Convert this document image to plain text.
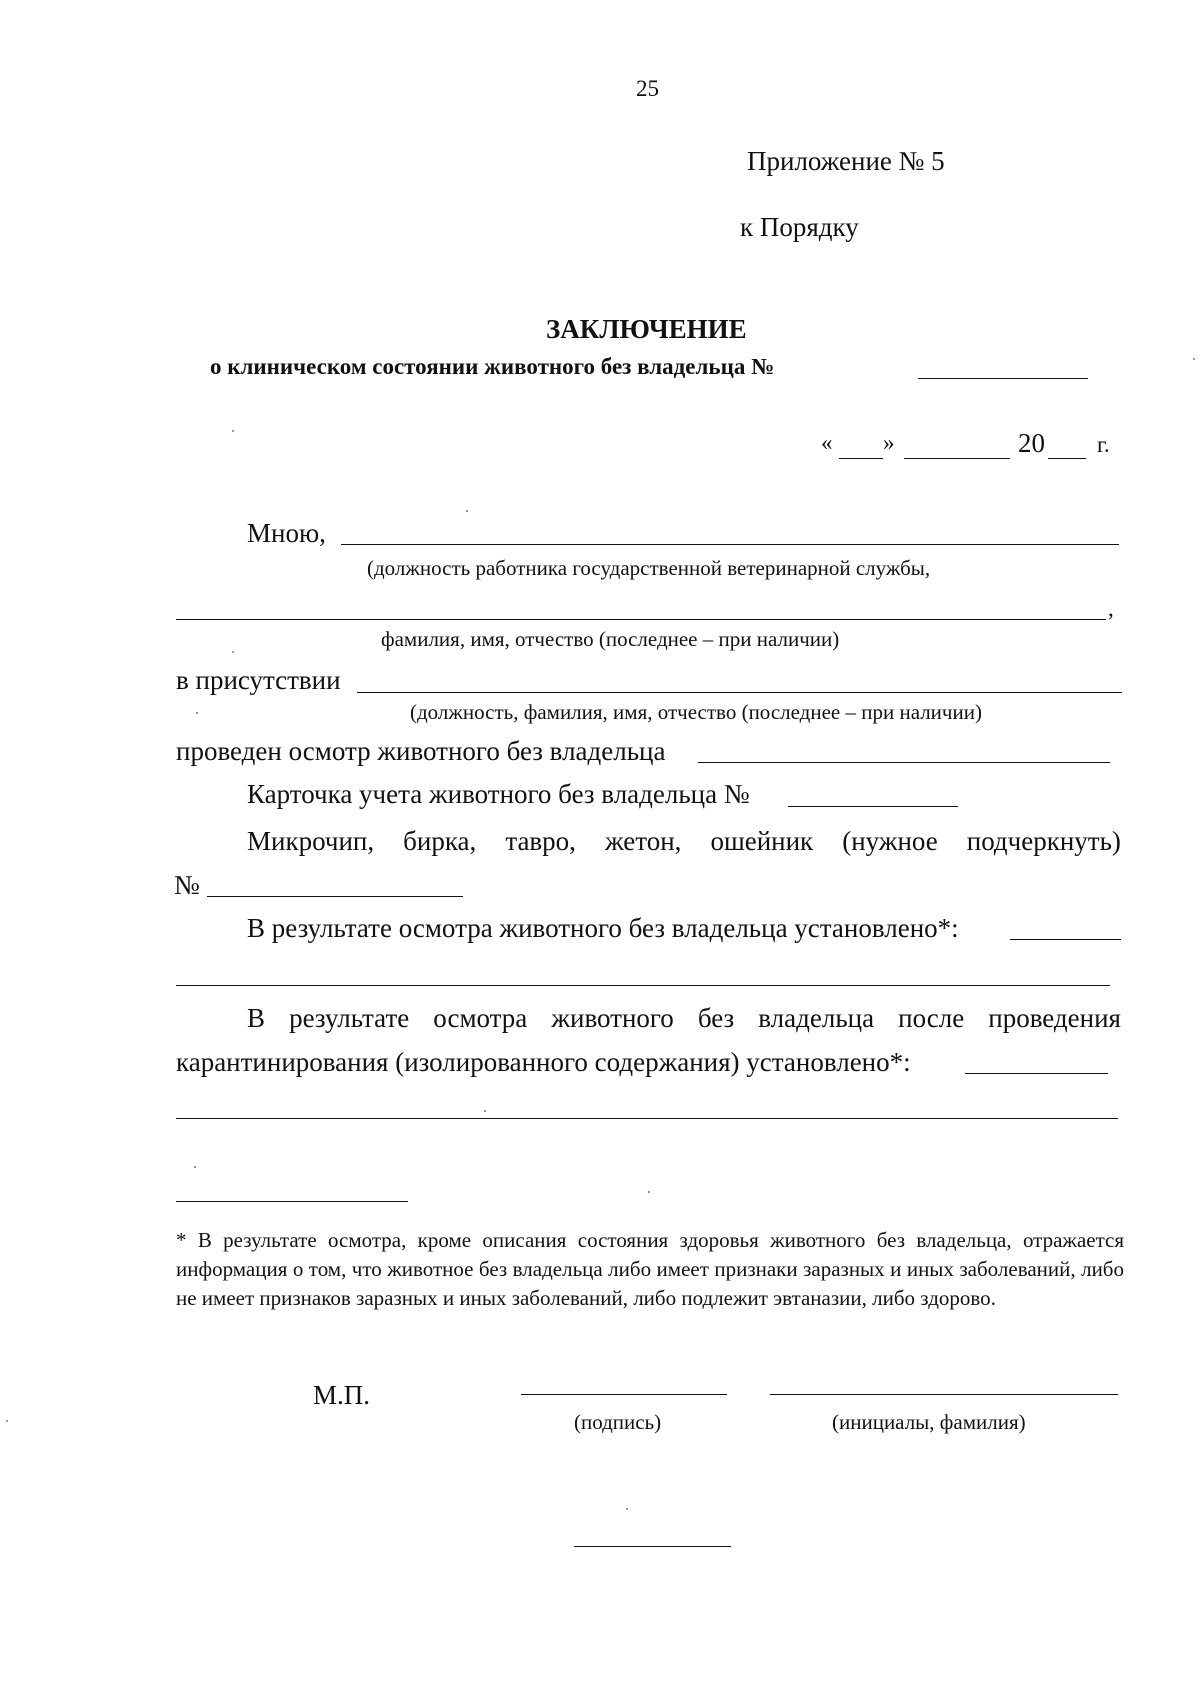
25
Приложение № 5
к Порядку
ЗАКЛЮЧЕНИЕ
о клиническом состоянии животного без владельца №
« »	20 г.
Мною,
(должность работника государственной ветеринарной службы,
,
фамилия, имя, отчество (последнее – при наличии)
в присутствии
(должность, фамилия, имя, отчество (последнее – при наличии)
проведен осмотр животного без владельца
Карточка учета животного без владельца №
Микрочип, бирка, тавро, жетон, ошейник (нужное подчеркнуть)
№
В результате осмотра животного без владельца установлено*:
В результате осмотра животного без владельца после проведения
карантинирования (изолированного содержания) установлено*:
* В результате осмотра, кроме описания состояния здоровья животного без владельца, отражается информация о том, что животное без владельца либо имеет признаки заразных и иных заболеваний, либо не имеет признаков заразных и иных заболеваний, либо подлежит эвтаназии, либо здорово.
М.П.
(подпись)	(инициалы, фамилия)
